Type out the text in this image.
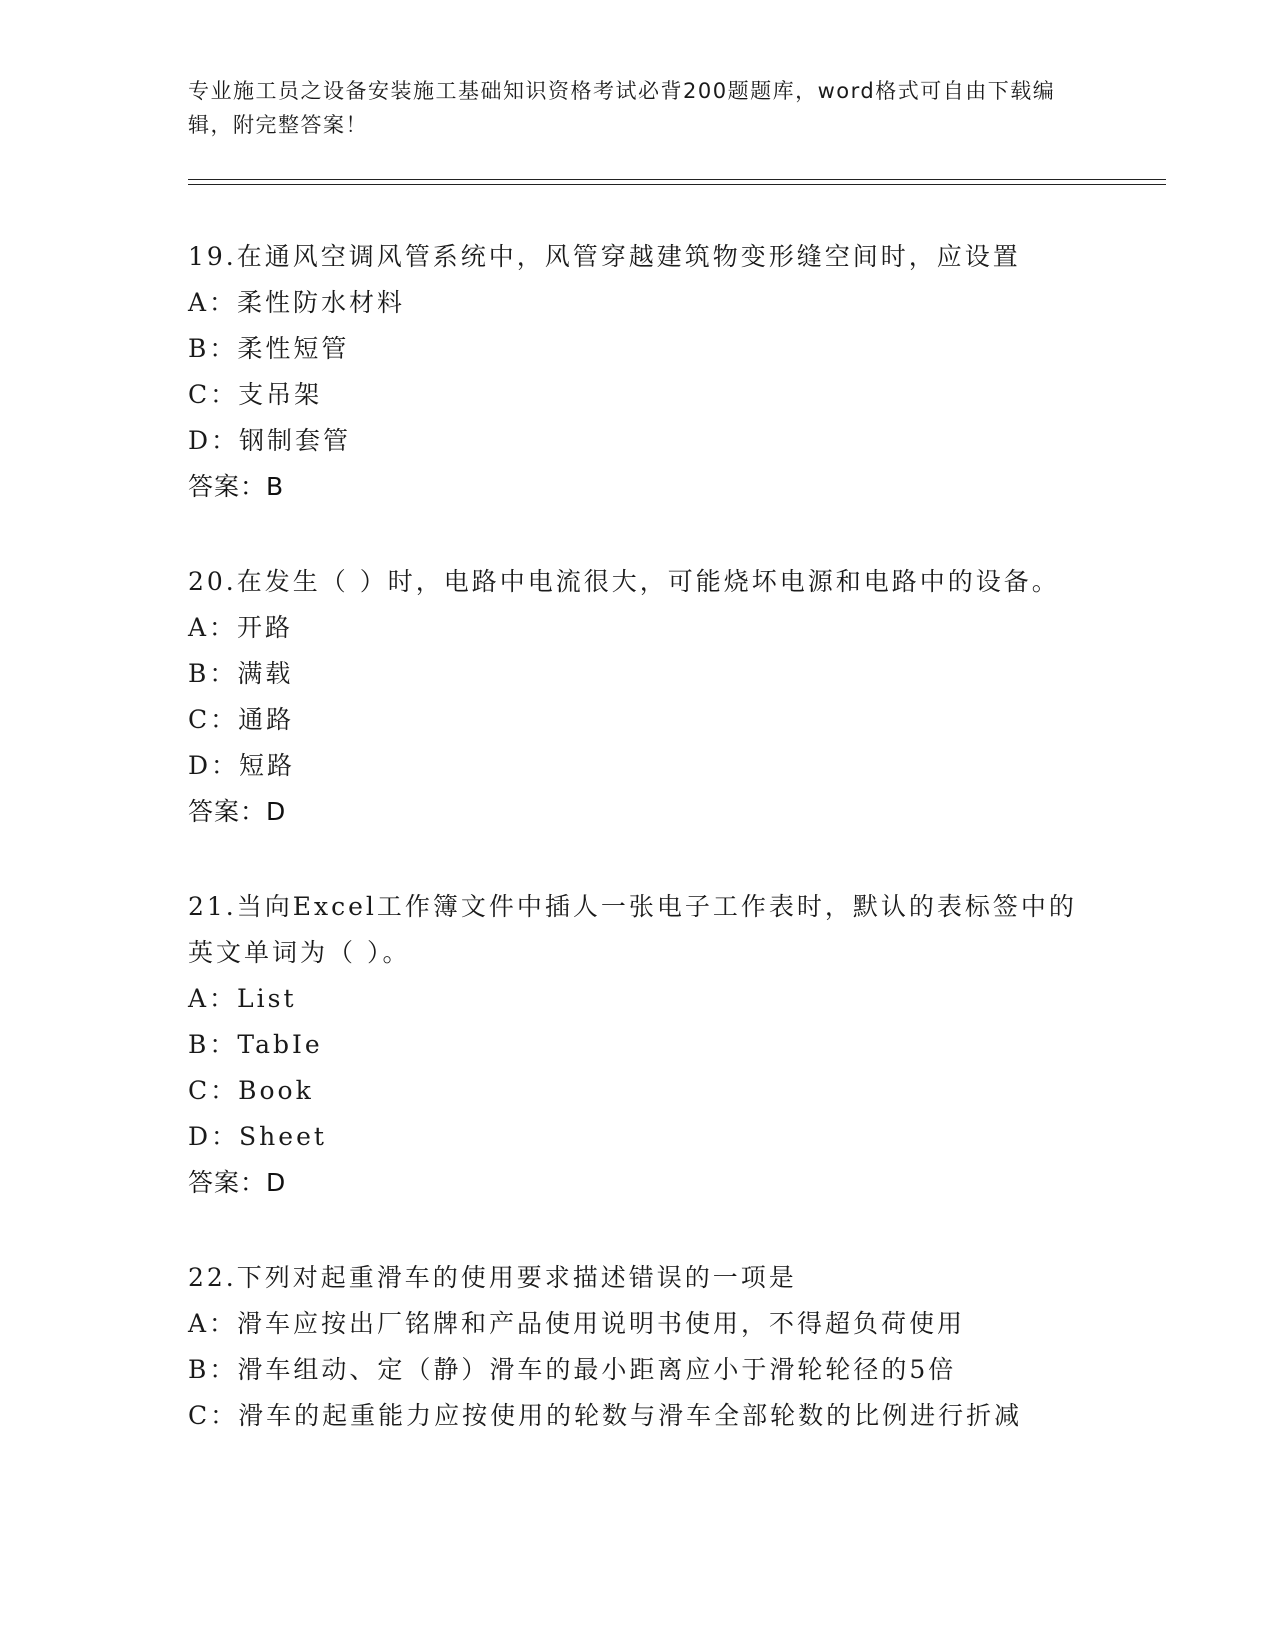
专业施工员之设备安装施工基础知识资格考试必背200题题库，word格式可自由下载编辑，附完整答案！
19.在通风空调风管系统中，风管穿越建筑物变形缝空间时，应设置
A：柔性防水材料
B：柔性短管
C：支吊架
D：钢制套管
答案：B
20.在发生（ ）时，电路中电流很大，可能烧坏电源和电路中的设备。
A：开路
B：满载
C：通路
D：短路
答案：D
21.当向Excel工作簿文件中插人一张电子工作表时，默认的表标签中的英文单词为（ ）。
A：List
B：TabIe
C：Book
D：Sheet
答案：D
22.下列对起重滑车的使用要求描述错误的一项是
A：滑车应按出厂铭牌和产品使用说明书使用，不得超负荷使用
B：滑车组动、定（静）滑车的最小距离应小于滑轮轮径的5倍
C：滑车的起重能力应按使用的轮数与滑车全部轮数的比例进行折减
